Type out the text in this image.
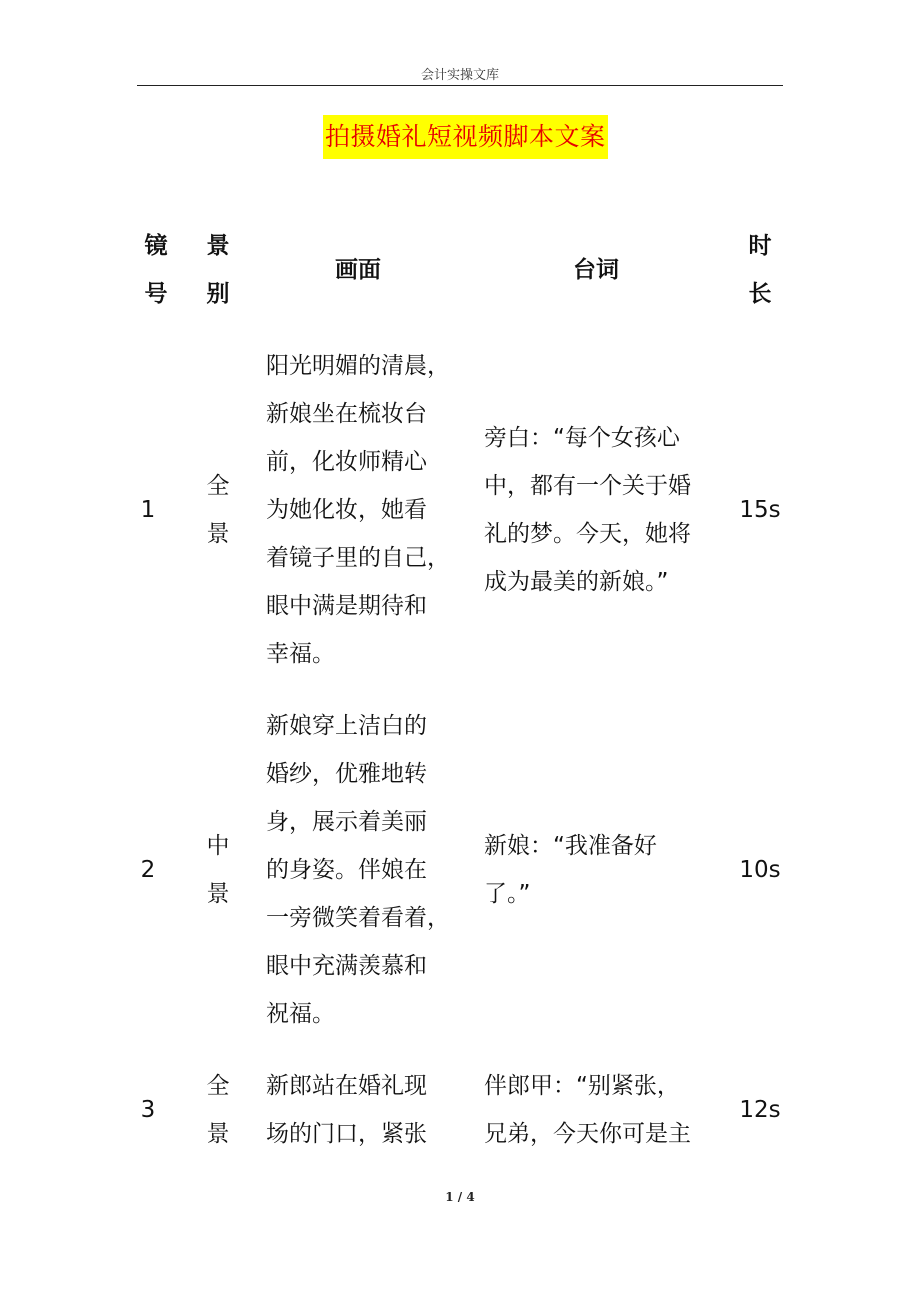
会计实操文库
拍摄婚礼短视频脚本文案
镜
号
景
别
画面	台词
时
长
1
全
景
阳光明媚的清晨，
新娘坐在梳妆台
前，化妆师精心
为她化妆，她看
着镜子里的自己，
眼中满是期待和
幸福。
旁白：“每个女孩心
中，都有一个关于婚
礼的梦。今天，她将
成为最美的新娘。”
15s
2
中
景
新娘穿上洁白的
婚纱，优雅地转
身，展示着美丽
的身姿。伴娘在
一旁微笑着看着，
眼中充满羡慕和
祝福。
新娘：“我准备好
了。”
10s
3
全
景
新郎站在婚礼现
场的门口，紧张
伴郎甲：“别紧张，
兄弟，今天你可是主
12s
1 / 4
